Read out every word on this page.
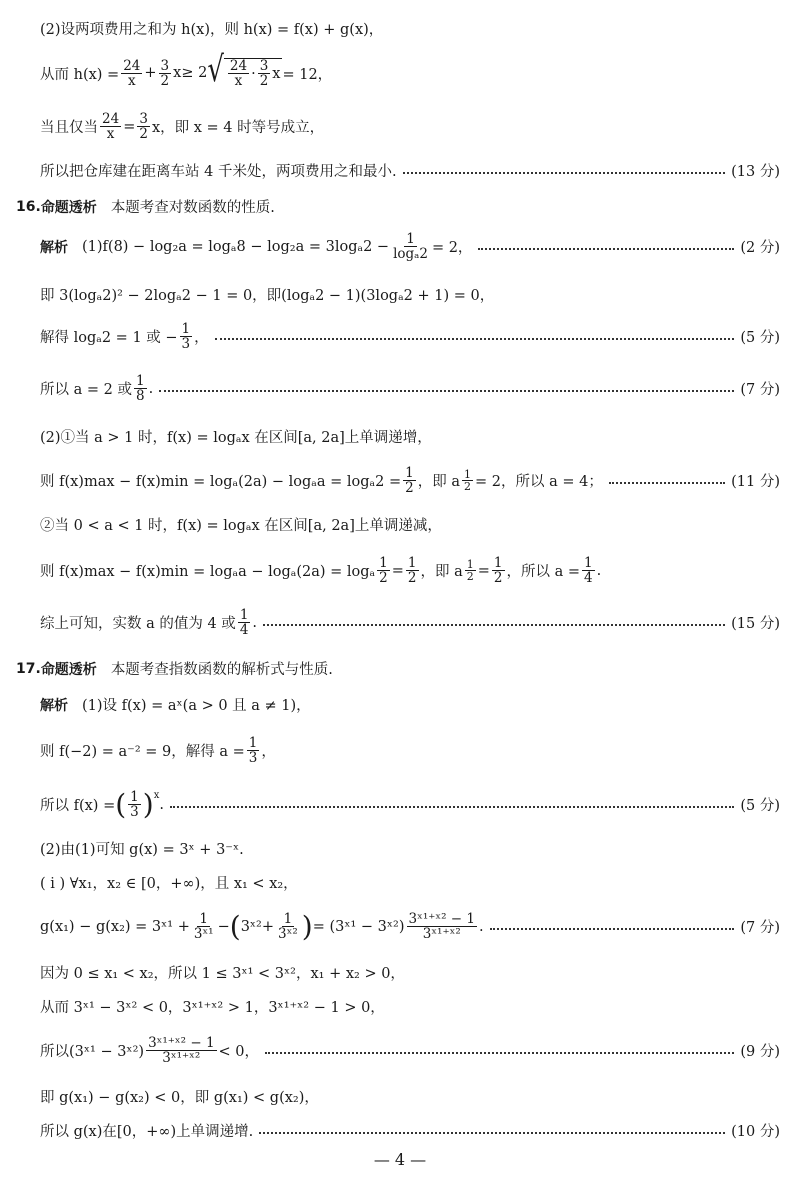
(2)设两项费用之和为 h(x)，则 h(x) = f(x) + g(x)，
从而 $h(x) = \frac{24}{x} + \frac{3}{2}$ x ≥ 2 √ $\frac{24}{x} \cdot \frac{3}{2}$ x = 12，
当且仅当 $\frac{24}{x} = \frac{3}{2}$ x，即 x = 4 时等号成立，
所以把仓库建在距离车站 4 千米处，两项费用之和最小.	(13 分)
16. 命题透析 本题考查对数函数的性质.
解析 $(1)f(8) - \log_2a = \log_a8 - \log_2a = 3\log_a2 - \frac{1}{\text{logₐ2}} = 2$，	(2 分)
即 3(logₐ2)² − 2logₐ2 − 1 = 0，即(logₐ2 − 1)(3logₐ2 + 1) = 0，
解得 logₐ2 = 1 或 − $\frac{1}{3}$ ，	(5 分)
所以 a = 2 或 $\frac{1}{8}$ .	(7 分)
(2)①当 a > 1 时，f(x) = logₐx 在区间[a, 2a]上单调递增，
则 $f(x)\max - f(x)\min = \log_a(2a) - \log_aa = \log_a2 = \frac{1}{2}$ ，即 a $\frac{1}{2} = 2$，所以 a = 4；	(11 分)
②当 0 < a < 1 时，f(x) = logₐx 在区间[a, 2a]上单调递减，
则 f(x)max − f(x)min = logₐa − logₐ(2a) = logₐ $\frac{1}{2} = \frac{1}{2}$ ，即 a $\frac{1}{2} = \frac{1}{2}$ ，所以 $a = \frac{1}{4}$ .
综上可知，实数 a 的值为 4 或 $\frac{1}{4}$ .	(15 分)
17. 命题透析 本题考查指数函数的解析式与性质.
解析 (1)设 f(x) = aˣ(a > 0 且 a ≠ 1)，
则 f(−2) = a⁻² = 9，解得 $a = \frac{1}{3}$ ，
所以 f(x) = ( $\frac{1}{3} )^x$
.	(5 分)
(2)由(1)可知 g(x) = 3ˣ + 3⁻ˣ.
( i ) ∀x₁，x₂ ∈ [0，+∞)，且 x₁ < x₂，
g(x₁) − g(x₂) = 3ˣ¹ + $\frac{1}{\text{3ˣ¹}}$ − ( 3ˣ² + $\frac{1}{\text{3ˣ²}}$ ) = (3ˣ¹ − 3ˣ²) $\frac{\text{3ˣ¹⁺ˣ² − 1}}{\text{3ˣ¹⁺ˣ²}}$ .	(7 分)
因为 0 ≤ x₁ < x₂，所以 1 ≤ 3ˣ¹ < 3ˣ²，x₁ + x₂ > 0，
从而 3ˣ¹ − 3ˣ² < 0，3ˣ¹⁺ˣ² > 1，3ˣ¹⁺ˣ² − 1 > 0，
所以(3ˣ¹ − 3ˣ²) $\frac{\text{3ˣ¹⁺ˣ² − 1}}{\text{3ˣ¹⁺ˣ²}} < 0$，	(9 分)
即 g(x₁) − g(x₂) < 0，即 g(x₁) < g(x₂)，
所以 g(x)在[0，+∞)上单调递增.	(10 分)
— 4 —
